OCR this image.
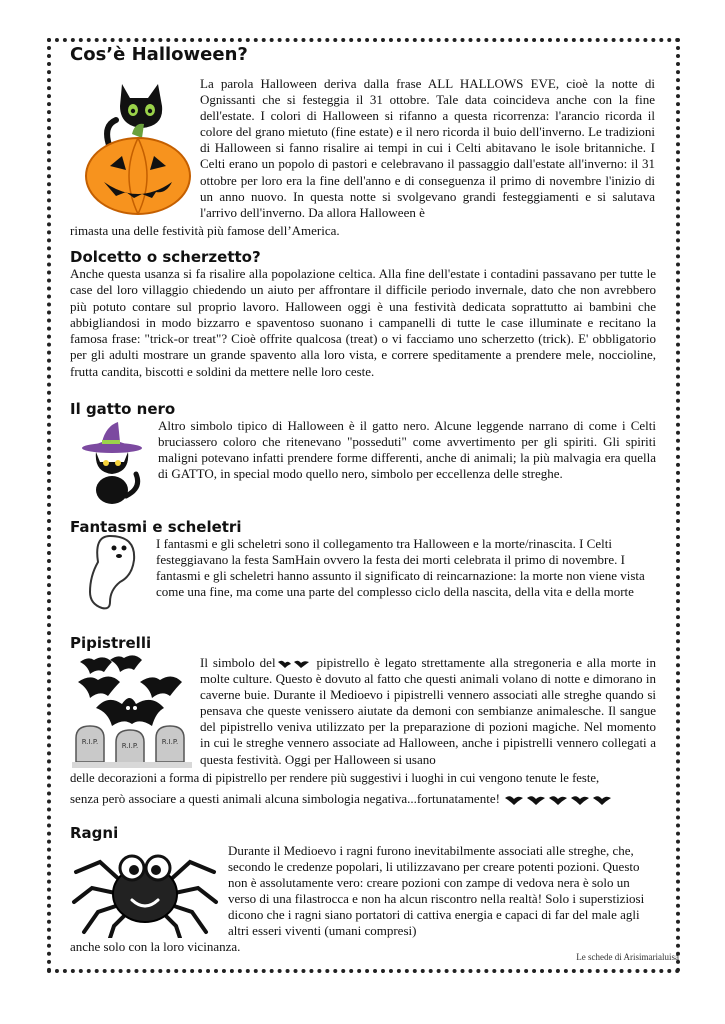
Cos’è Halloween?

La parola Halloween deriva dalla frase ALL HALLOWS EVE, cioè la notte di Ognissanti che si festeggia il 31 ottobre. Tale data coincideva anche con la fine dell'estate. I colori di Halloween si rifanno a questa ricorrenza: l'arancio ricorda il colore del grano mietuto (fine estate) e il nero ricorda il buio dell'inverno. Le tradizioni di Halloween si fanno risalire ai tempi in cui i Celti abitavano le isole britanniche. I Celti erano un popolo di pastori e celebravano il passaggio dall'estate all'inverno: il 31 ottobre per loro era la fine dell'anno e di conseguenza il primo di novembre l'inizio di un anno nuovo. In questa notte si svolgevano grandi festeggiamenti e si salutava l'arrivo dell'inverno. Da allora Halloween è

rimasta una delle festività più famose dell’America.

Dolcetto o scherzetto?

Anche questa usanza si fa risalire alla popolazione celtica. Alla fine dell'estate i contadini passavano per tutte le case del loro villaggio chiedendo un aiuto per affrontare il difficile periodo invernale, dato che non avrebbero più potuto contare sul proprio lavoro. Halloween oggi è una festività dedicata soprattutto ai bambini che abbigliandosi in modo bizzarro e spaventoso suonano i campanelli di tutte le case illuminate e recitano la famosa frase: "trick-or treat"? Cioè offrite qualcosa (treat) o vi facciamo uno scherzetto (trick). E' obbligatorio per gli adulti mostrare un grande spavento alla loro vista, e correre speditamente a prendere mele, noccioline, frutta candita, biscotti e soldini da mettere nelle loro ceste.

Il gatto nero

Altro simbolo tipico di Halloween è il gatto nero. Alcune leggende narrano di come i Celti bruciassero coloro che ritenevano "posseduti" come avvertimento per gli spiriti. Gli spiriti maligni potevano infatti prendere forme differenti, anche di animali; la più malvagia era quella di GATTO, in special modo quello nero, simbolo per eccellenza delle streghe.

Fantasmi e scheletri

I fantasmi e gli scheletri sono il collegamento tra Halloween e la morte/rinascita. I Celti festeggiavano la festa SamHain ovvero la festa dei morti celebrata il primo di novembre. I fantasmi e gli scheletri hanno assunto il significato di reincarnazione: la morte non viene vista come una fine, ma come una parte del complesso ciclo della nascita, della vita e della morte

Pipistrelli
R.I.P.	R.I.P.	R.I.P.

Il simbolo del	pipistrello è legato strettamente alla stregoneria e alla morte in molte culture. Questo è dovuto al fatto che questi animali volano di notte e dimorano in caverne buie. Durante il Medioevo i pipistrelli vennero associati alle streghe quando si pensava che queste venissero aiutate da demoni con sembianze animalesche. Il sangue del pipistrello veniva utilizzato per la preparazione di pozioni magiche. Nel momento in cui le streghe vennero associate ad Halloween, anche i pipistrelli vennero collegati a questa festività. Oggi per Halloween si usano

delle decorazioni a forma di pipistrello per rendere più suggestivi i luoghi in cui vengono tenute le feste,

senza però associare a questi animali alcuna simbologia negativa...fortunatamente!

Ragni

Durante il Medioevo i ragni furono inevitabilmente associati alle streghe, che, secondo le credenze popolari, li utilizzavano per creare potenti pozioni. Questo non è assolutamente vero: creare pozioni con zampe di vedova nera è solo un verso di una filastrocca e non ha alcun riscontro nella realtà! Solo i superstiziosi dicono che i ragni siano portatori di cattiva energia e capaci di far del male agli altri esseri viventi (umani compresi)

anche solo con la loro vicinanza.

Le schede di Arisimarialuisa
